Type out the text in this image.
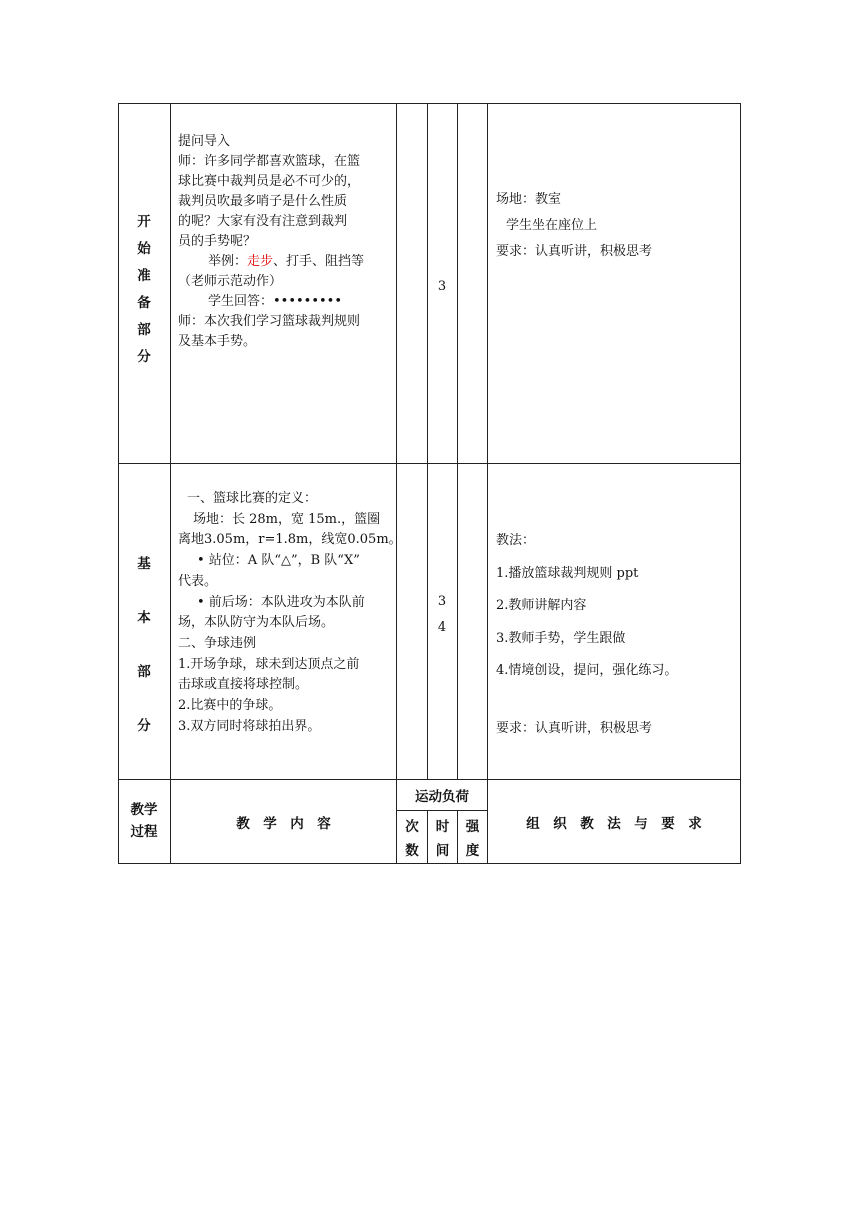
开
始
准
备
部
分
提问导入
师：许多同学都喜欢篮球，在篮
球比赛中裁判员是必不可少的，
裁判员吹最多哨子是什么性质
的呢？大家有没有注意到裁判
员的手势呢？
举例：走步、打手、阻挡等
（老师示范动作）
学生回答：•••••••••
师：本次我们学习篮球裁判规则
及基本手势。
3
场地：教室
学生坐在座位上
要求：认真听讲，积极思考
基
本
部
分
一、篮球比赛的定义：
场地：长 28m，宽 15m.，篮圈
离地3.05m，r=1.8m，线宽0.05m。
• 站位：A 队“△”，B 队“X”
代表。
• 前后场：本队进攻为本队前
场，本队防守为本队后场。
二、争球违例
1.开场争球，球未到达顶点之前
击球或直接将球控制。
2.比赛中的争球。
3.双方同时将球拍出界。
3
4
教法：
1.播放篮球裁判规则 ppt
2.教师讲解内容
3.教师手势，学生跟做
4.情境创设，提问，强化练习。
要求：认真听讲，积极思考
教学
过程	教　学　内　容
运动负荷
次
数
时
间
强
度
组　织　教　法　与　要　求
